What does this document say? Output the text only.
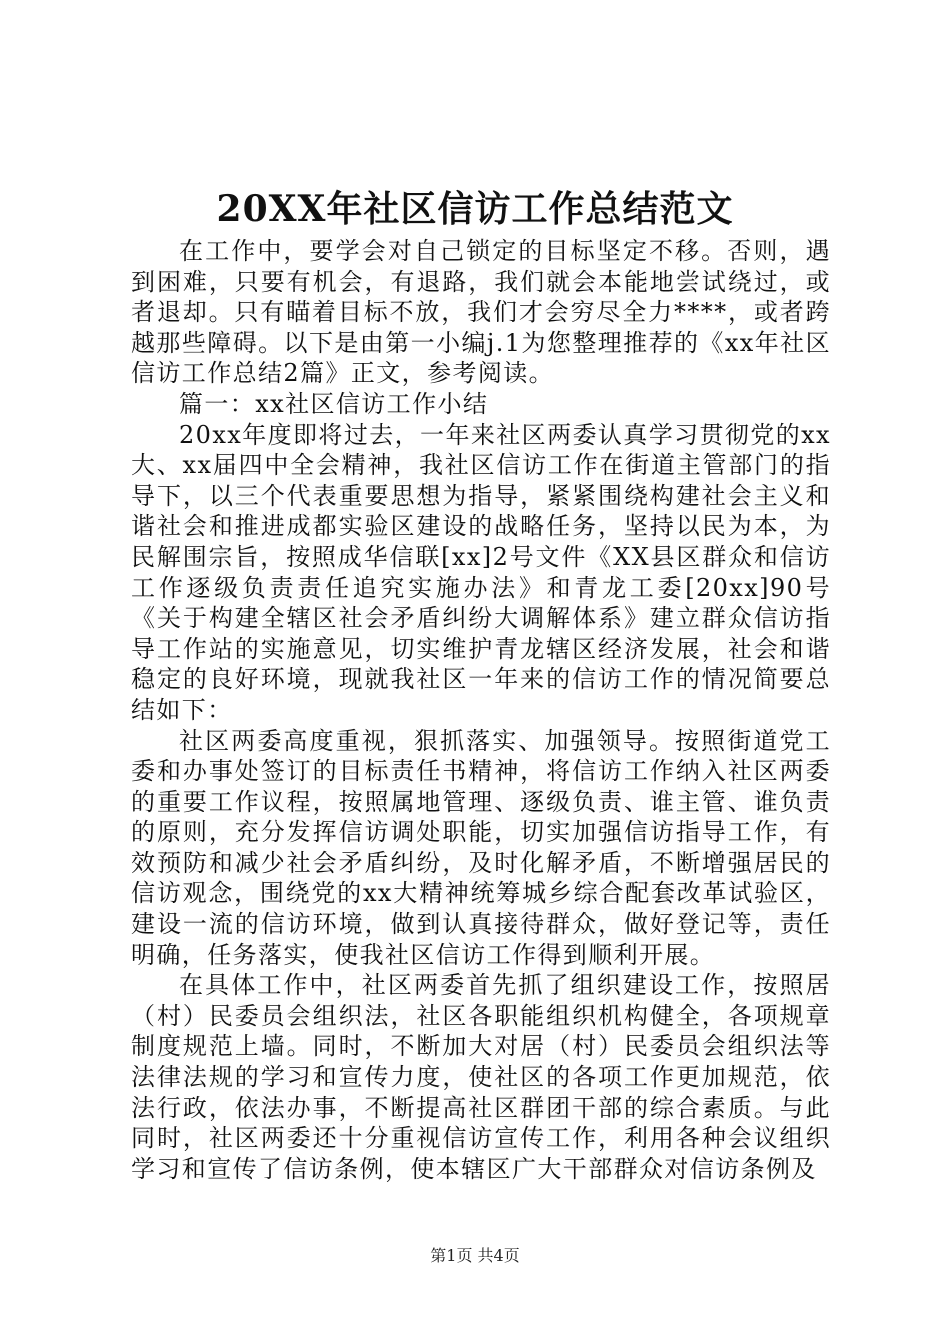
20XX年社区信访工作总结范文

在工作中，要学会对自己锁定的目标坚定不移。否则，遇到困难，只要有机会，有退路，我们就会本能地尝试绕过，或者退却。只有瞄着目标不放，我们才会穷尽全力****，或者跨越那些障碍。以下是由第一小编j.1为您整理推荐的《xx年社区信访工作总结2篇》正文，参考阅读。

篇一：xx社区信访工作小结

20xx年度即将过去，一年来社区两委认真学习贯彻党的xx大、xx届四中全会精神，我社区信访工作在街道主管部门的指导下，以三个代表重要思想为指导，紧紧围绕构建社会主义和谐社会和推进成都实验区建设的战略任务，坚持以民为本，为民解围宗旨，按照成华信联[xx]2号文件《XX县区群众和信访工作逐级负责责任追究实施办法》和青龙工委[20xx]90号《关于构建全辖区社会矛盾纠纷大调解体系》建立群众信访指导工作站的实施意见，切实维护青龙辖区经济发展，社会和谐稳定的良好环境，现就我社区一年来的信访工作的情况简要总结如下：

社区两委高度重视，狠抓落实、加强领导。按照街道党工委和办事处签订的目标责任书精神，将信访工作纳入社区两委的重要工作议程，按照属地管理、逐级负责、谁主管、谁负责的原则，充分发挥信访调处职能，切实加强信访指导工作，有效预防和减少社会矛盾纠纷，及时化解矛盾，不断增强居民的信访观念，围绕党的xx大精神统筹城乡综合配套改革试验区，建设一流的信访环境，做到认真接待群众，做好登记等，责任明确，任务落实，使我社区信访工作得到顺利开展。

在具体工作中，社区两委首先抓了组织建设工作，按照居（村）民委员会组织法，社区各职能组织机构健全，各项规章制度规范上墙。同时，不断加大对居（村）民委员会组织法等法律法规的学习和宣传力度，使社区的各项工作更加规范，依法行政，依法办事，不断提高社区群团干部的综合素质。与此同时，社区两委还十分重视信访宣传工作，利用各种会议组织学习和宣传了信访条例，使本辖区广大干部群众对信访条例及

第1页 共4页
